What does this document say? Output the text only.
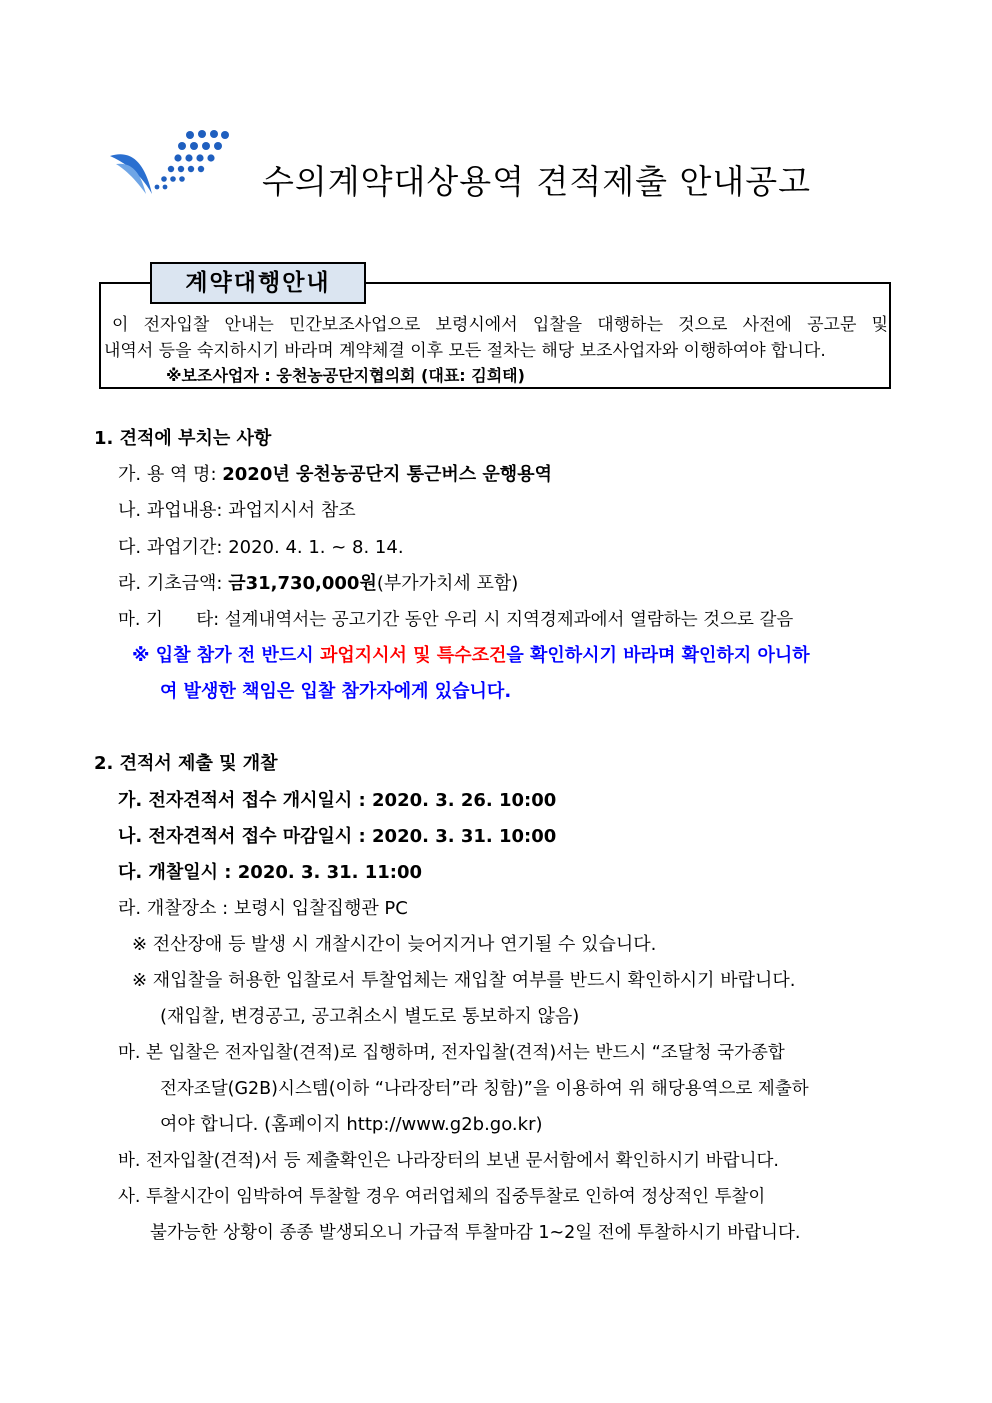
수의계약대상용역 견적제출 안내공고
계약대행안내
이 전자입찰 안내는 민간보조사업으로 보령시에서 입찰을 대행하는 것으로 사전에 공고문 및
내역서 등을 숙지하시기 바라며 계약체결 이후 모든 절차는 해당 보조사업자와 이행하여야 합니다.
※보조사업자 : 웅천농공단지협의회 (대표: 김희태)
1. 견적에 부치는 사항
가. 용 역 명: 2020년 웅천농공단지 통근버스 운행용역
나. 과업내용: 과업지시서 참조
다. 과업기간: 2020. 4. 1. ~ 8. 14.
라. 기초금액: 금31,730,000원(부가가치세 포함)
마. 기      타: 설계내역서는 공고기간 동안 우리 시 지역경제과에서 열람하는 것으로 갈음
※ 입찰 참가 전 반드시 과업지시서 및 특수조건을 확인하시기 바라며 확인하지 아니하
여 발생한 책임은 입찰 참가자에게 있습니다.
2. 견적서 제출 및 개찰
가. 전자견적서 접수 개시일시 : 2020. 3. 26. 10:00
나. 전자견적서 접수 마감일시 : 2020. 3. 31. 10:00
다. 개찰일시 : 2020. 3. 31. 11:00
라. 개찰장소 : 보령시 입찰집행관 PC
※ 전산장애 등 발생 시 개찰시간이 늦어지거나 연기될 수 있습니다.
※ 재입찰을 허용한 입찰로서 투찰업체는 재입찰 여부를 반드시 확인하시기 바랍니다.
(재입찰, 변경공고, 공고취소시 별도로 통보하지 않음)
마. 본 입찰은 전자입찰(견적)로 집행하며, 전자입찰(견적)서는 반드시 “조달청 국가종합
전자조달(G2B)시스템(이하 “나라장터”라 칭함)”을 이용하여 위 해당용역으로 제출하
여야 합니다. (홈페이지 http://www.g2b.go.kr)
바. 전자입찰(견적)서 등 제출확인은 나라장터의 보낸 문서함에서 확인하시기 바랍니다.
사. 투찰시간이 임박하여 투찰할 경우 여러업체의 집중투찰로 인하여 정상적인 투찰이
불가능한 상황이 종종 발생되오니 가급적 투찰마감 1~2일 전에 투찰하시기 바랍니다.
